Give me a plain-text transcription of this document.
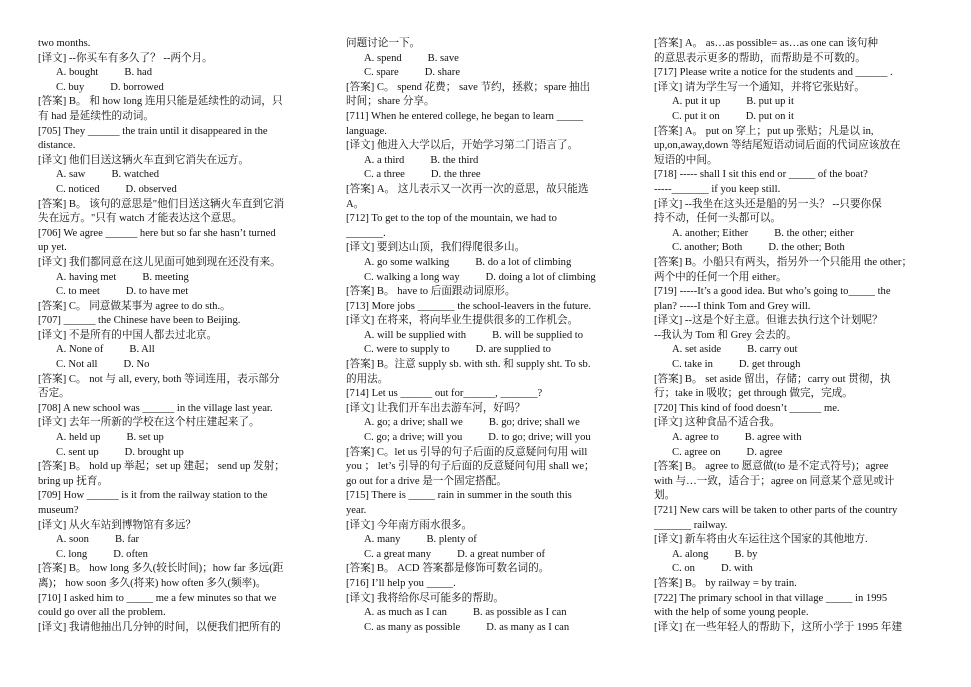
two months.
[译文] --你买车有多久了？ --两个月。
A. bought B. had
C. buy D. borrowed
[答案] B。 和 how long 连用只能是延续性的动词，只
有 had 是延续性的动词。
[705] They ______ the train until it disappeared in the
distance.
[译文] 他们目送这辆火车直到它消失在远方。
A. saw B. watched
C. noticed D. observed
[答案] B。 该句的意思是"他们目送这辆火车直到它消
失在远方。"只有 watch 才能表达这个意思。
[706] We agree ______ here but so far she hasn’t turned
up yet.
[译文] 我们都同意在这儿见面可她到现在还没有来。
A. having met B. meeting
C. to meet D. to have met
[答案] C。 同意做某事为 agree to do sth.。
[707] ______ the Chinese have been to Beijing.
[译文] 不是所有的中国人都去过北京。
A. None of B. All
C. Not all D. No
[答案] C。 not 与 all, every, both 等词连用，表示部分
否定。
[708] A new school was ______ in the village last year.
[译文] 去年一所新的学校在这个村庄建起来了。
A. held up B. set up
C. sent up D. brought up
[答案] B。 hold up 举起；set up 建起； send up 发射；
bring up 抚育。
[709] How ______ is it from the railway station to the
museum?
[译文] 从火车站到博物馆有多远？
A. soon B. far
C. long D. often
[答案] B。 how long 多久(较长时间)；how far 多远(距
离)； how soon 多久(将来) how often 多久(频率)。
[710] I asked him to _____ me a few minutes so that we
could go over all the problem.
[译文] 我请他抽出几分钟的时间，以便我们把所有的
问题讨论一下。
A. spend B. save
C. spare D. share
[答案] C。 spend 花费； save 节约，拯救；spare 抽出
时间；share 分享。
[711] When he entered college, he began to learn _____
language.
[译文] 他进入大学以后，开始学习第二门语言了。
A. a third B. the third
C. a three D. the three
[答案] A。 这儿表示又一次再一次的意思，故只能选
A。
[712] To get to the top of the mountain, we had to
_______.
[译文] 要到达山顶，我们得爬很多山。
A. go some walking B. do a lot of climbing
C. walking a long way D. doing a lot of climbing
[答案] B。 have to 后面跟动词原形。
[713] More jobs _______ the school-leavers in the future.
[译文] 在将来，将向毕业生提供很多的工作机会。
A. will be supplied with B. will be supplied to
C. were to supply to D. are supplied to
[答案] B。注意 supply sb. with sth. 和 supply sht. To sb.
的用法。
[714] Let us ______ out for______, _______?
[译文] 让我们开车出去游车河，好吗？
A. go; a drive; shall we B. go; drive; shall we
C. go; a drive; will you D. to go; drive; will you
[答案] C。let us 引导的句子后面的反意疑问句用 will
you ； let’s 引导的句子后面的反意疑问句用 shall we；
go out for a drive 是一个固定搭配。
[715] There is _____ rain in summer in the south this
year.
[译文] 今年南方雨水很多。
A. many B. plenty of
C. a great many D. a great number of
[答案] B。 ACD 答案都是修饰可数名词的。
[716] I’ll help you _____.
[译文] 我将给你尽可能多的帮助。
A. as much as I can B. as possible as I can
C. as many as possible D. as many as I can
[答案] A。 as…as possible= as…as one can 该句种
的意思表示更多的帮助，而帮助是不可数的。
[717] Please write a notice for the students and ______ .
[译文] 请为学生写一个通知，并将它张贴好。
A. put it up B. put up it
C. put it on D. put on it
[答案] A。 put on 穿上；put up 张贴；凡是以 in,
up,on,away,down 等结尾短语动词后面的代词应该放在
短语的中间。
[718] ----- shall I sit this end or _____ of the boat?
-----_______ if you keep still.
[译文] --我坐在这头还是船的另一头？ --只要你保
持不动，任何一头都可以。
A. another; Either B. the other; either
C. another; Both D. the other; Both
[答案] B。小船只有两头，指另外一个只能用 the other；
两个中的任何一个用 either。
[719] -----It’s a good idea. But who’s going to_____ the
plan? -----I think Tom and Grey will.
[译文] --这是个好主意。但谁去执行这个计划呢？
--我认为 Tom 和 Grey 会去的。
A. set aside B. carry out
C. take in D. get through
[答案] B。 set aside 留出，存储；carry out 贯彻，执
行；take in 吸收；get through 做完，完成。
[720] This kind of food doesn’t ______ me.
[译文] 这种食品不适合我。
A. agree to B. agree with
C. agree on D. agree
[答案] B。 agree to 愿意做(to 是不定式符号)；agree
with 与…一致，适合于；agree on 同意某个意见或计
划。
[721] New cars will be taken to other parts of the country
_______ railway.
[译文] 新车将由火车运往这个国家的其他地方.
A. along B. by
C. on D. with
[答案] B。 by railway = by train.
[722] The primary school in that village _____ in 1995
with the help of some young people.
[译文] 在一些年轻人的帮助下，这所小学于 1995 年建
